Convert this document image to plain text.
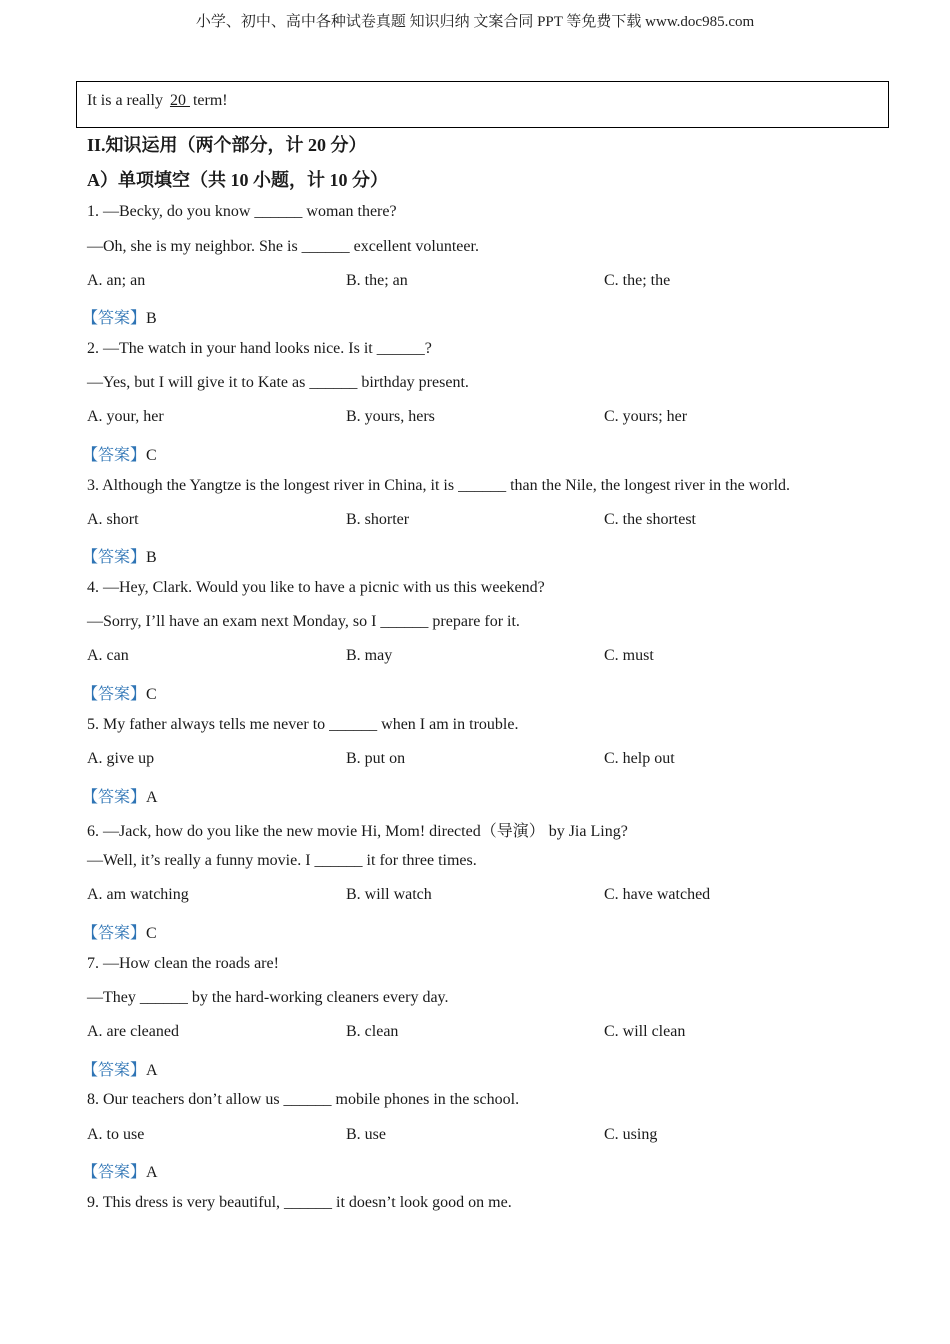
小学、初中、高中各种试卷真题 知识归纳 文案合同 PPT 等免费下载 www.doc985.com
It is a really 20 term!
II.知识运用（两个部分，计 20 分）
A）单项填空（共 10 小题，计 10 分）
1. —Becky, do you know ______ woman there?
—Oh, she is my neighbor. She is ______ excellent volunteer.
A. an; an	B. the; an	C. the; the
【答案】B
2. —The watch in your hand looks nice. Is it ______?
—Yes, but I will give it to Kate as ______ birthday present.
A. your, her	B. yours, hers	C. yours; her
【答案】C
3. Although the Yangtze is the longest river in China, it is ______ than the Nile, the longest river in the world.
A. short	B. shorter	C. the shortest
【答案】B
4. —Hey, Clark. Would you like to have a picnic with us this weekend?
—Sorry, I’ll have an exam next Monday, so I ______ prepare for it.
A. can	B. may	C. must
【答案】C
5. My father always tells me never to ______ when I am in trouble.
A. give up	B. put on	C. help out
【答案】A
6. —Jack, how do you like the new movie Hi, Mom! directed（导演） by Jia Ling?
—Well, it’s really a funny movie. I ______ it for three times.
A. am watching	B. will watch	C. have watched
【答案】C
7. —How clean the roads are!
—They ______ by the hard-working cleaners every day.
A. are cleaned	B. clean	C. will clean
【答案】A
8. Our teachers don’t allow us ______ mobile phones in the school.
A. to use	B. use	C. using
【答案】A
9. This dress is very beautiful, ______ it doesn’t look good on me.
